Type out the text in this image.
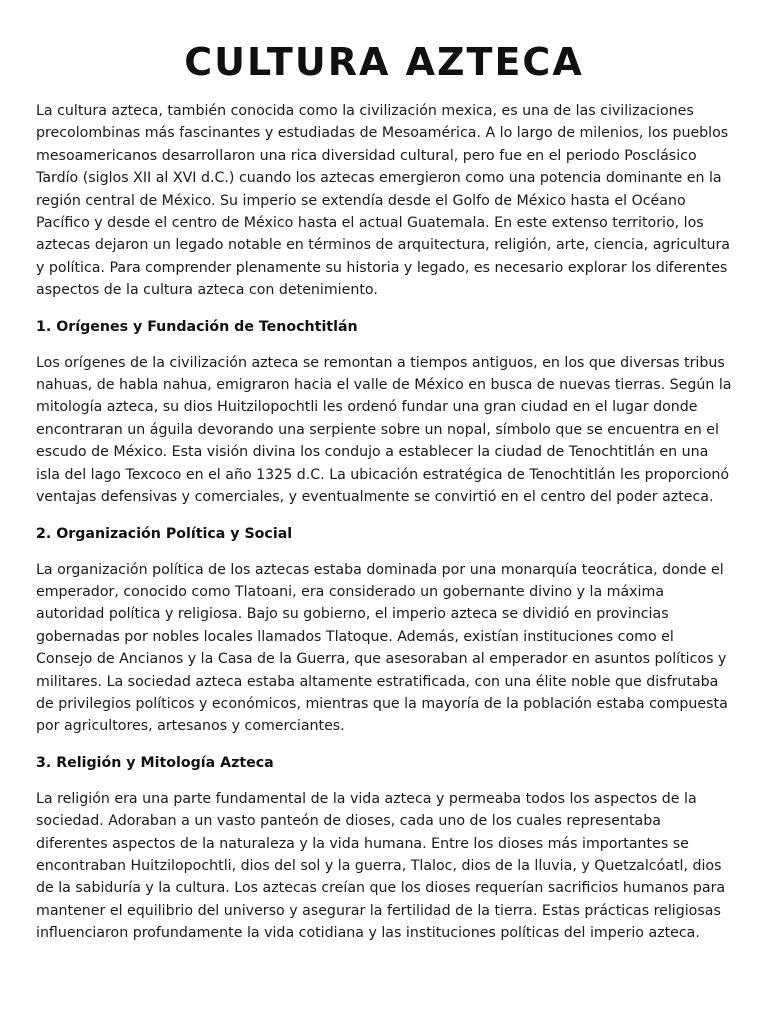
CULTURA AZTECA

La cultura azteca, también conocida como la civilización mexica, es una de las civilizaciones precolombinas más fascinantes y estudiadas de Mesoamérica. A lo largo de milenios, los pueblos mesoamericanos desarrollaron una rica diversidad cultural, pero fue en el periodo Posclásico Tardío (siglos XII al XVI d.C.) cuando los aztecas emergieron como una potencia dominante en la región central de México. Su imperio se extendía desde el Golfo de México hasta el Océano Pacífico y desde el centro de México hasta el actual Guatemala. En este extenso territorio, los aztecas dejaron un legado notable en términos de arquitectura, religión, arte, ciencia, agricultura y política. Para comprender plenamente su historia y legado, es necesario explorar los diferentes aspectos de la cultura azteca con detenimiento.

1. Orígenes y Fundación de Tenochtitlán

Los orígenes de la civilización azteca se remontan a tiempos antiguos, en los que diversas tribus nahuas, de habla nahua, emigraron hacia el valle de México en busca de nuevas tierras. Según la mitología azteca, su dios Huitzilopochtli les ordenó fundar una gran ciudad en el lugar donde encontraran un águila devorando una serpiente sobre un nopal, símbolo que se encuentra en el escudo de México. Esta visión divina los condujo a establecer la ciudad de Tenochtitlán en una isla del lago Texcoco en el año 1325 d.C. La ubicación estratégica de Tenochtitlán les proporcionó ventajas defensivas y comerciales, y eventualmente se convirtió en el centro del poder azteca.

2. Organización Política y Social

La organización política de los aztecas estaba dominada por una monarquía teocrática, donde el emperador, conocido como Tlatoani, era considerado un gobernante divino y la máxima autoridad política y religiosa. Bajo su gobierno, el imperio azteca se dividió en provincias gobernadas por nobles locales llamados Tlatoque. Además, existían instituciones como el Consejo de Ancianos y la Casa de la Guerra, que asesoraban al emperador en asuntos políticos y militares. La sociedad azteca estaba altamente estratificada, con una élite noble que disfrutaba de privilegios políticos y económicos, mientras que la mayoría de la población estaba compuesta por agricultores, artesanos y comerciantes.

3. Religión y Mitología Azteca

La religión era una parte fundamental de la vida azteca y permeaba todos los aspectos de la sociedad. Adoraban a un vasto panteón de dioses, cada uno de los cuales representaba diferentes aspectos de la naturaleza y la vida humana. Entre los dioses más importantes se encontraban Huitzilopochtli, dios del sol y la guerra, Tlaloc, dios de la lluvia, y Quetzalcóatl, dios de la sabiduría y la cultura. Los aztecas creían que los dioses requerían sacrificios humanos para mantener el equilibrio del universo y asegurar la fertilidad de la tierra. Estas prácticas religiosas influenciaron profundamente la vida cotidiana y las instituciones políticas del imperio azteca.
